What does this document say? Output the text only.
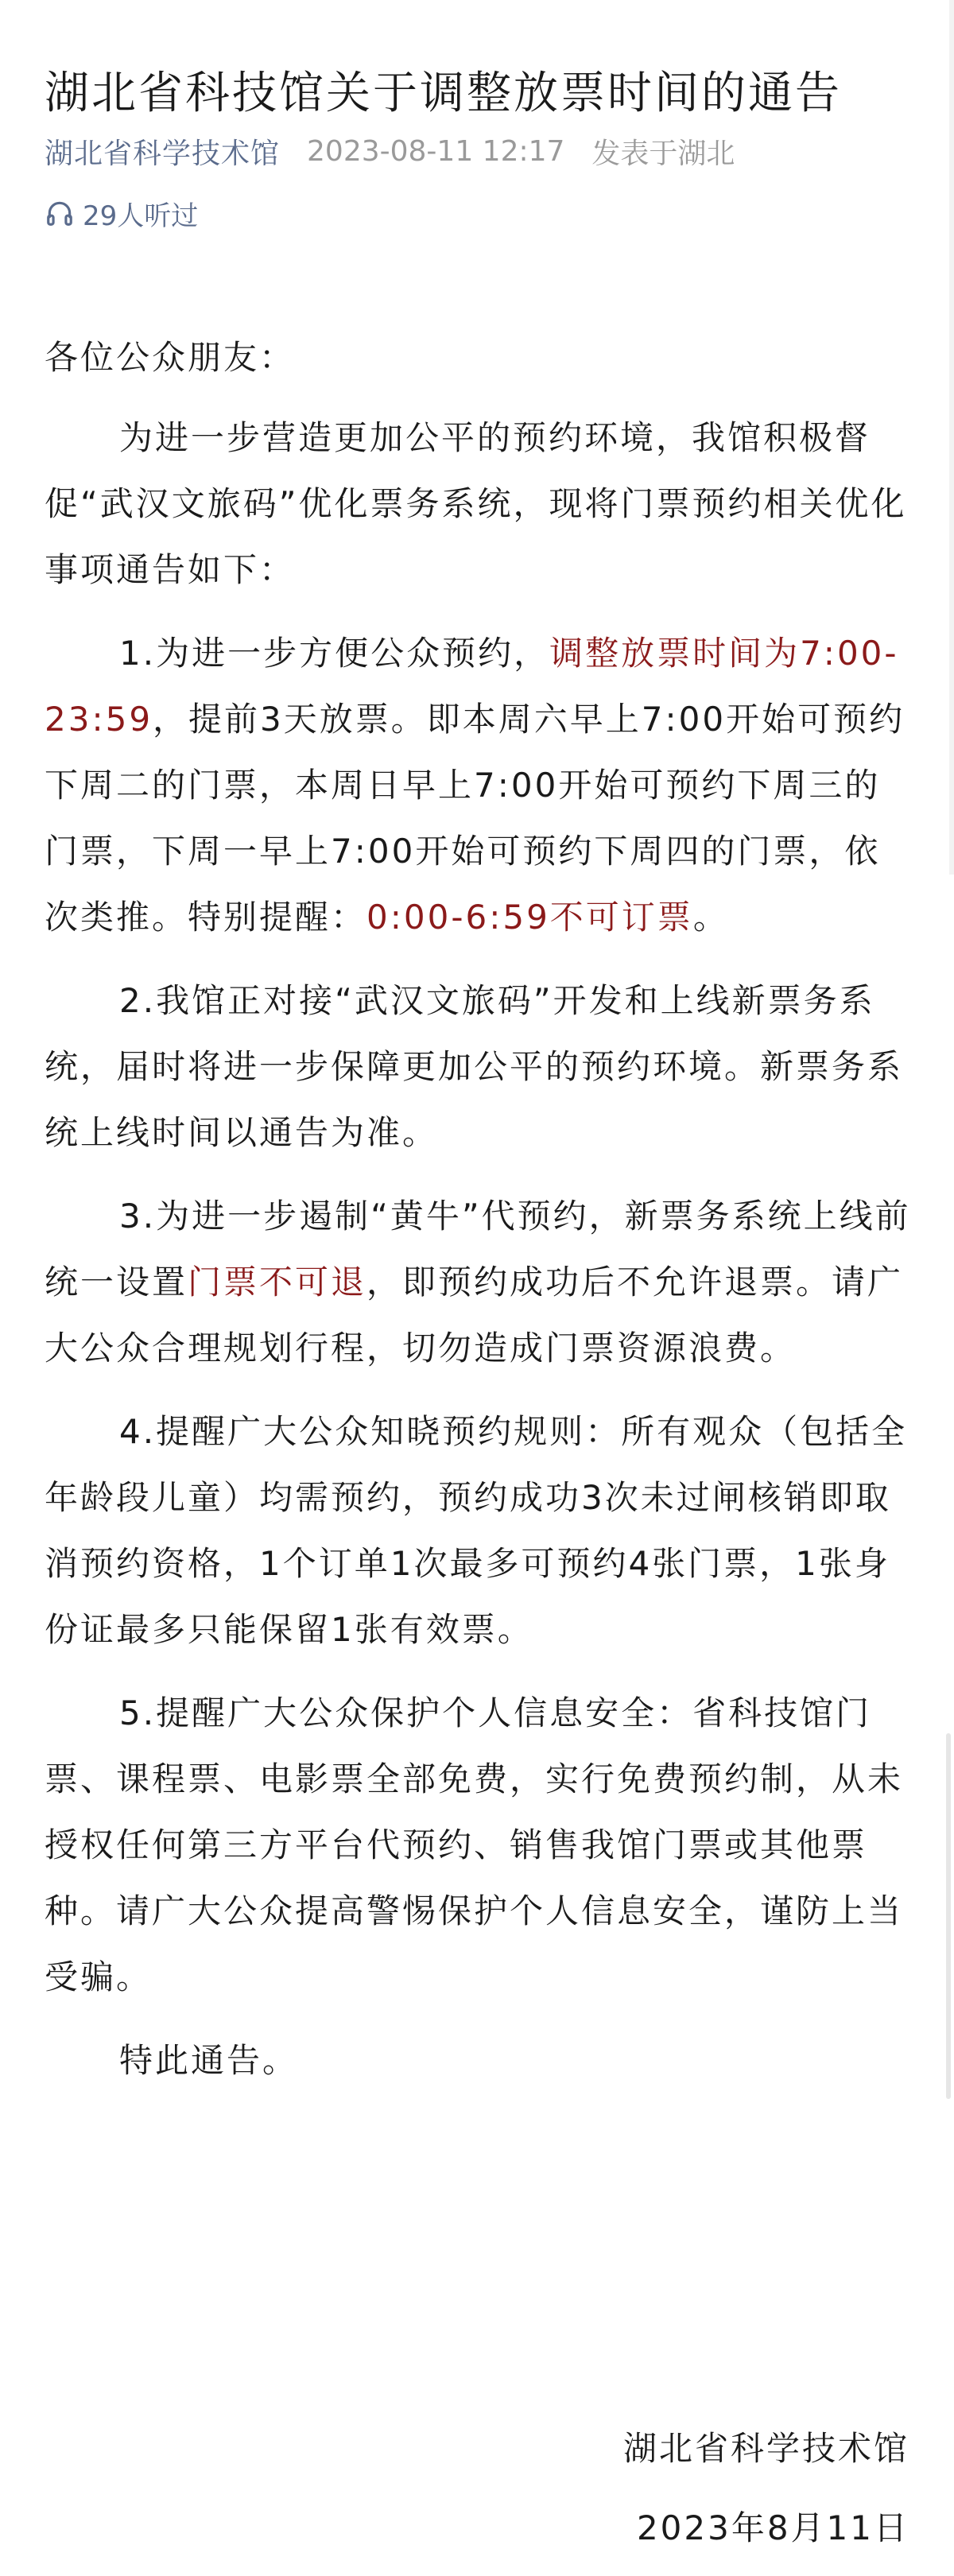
湖北省科技馆关于调整放票时间的通告
湖北省科学技术馆 2023-08-11 12:17 发表于湖北
29人听过

各位公众朋友：

为进一步营造更加公平的预约环境，我馆积极督促“武汉文旅码”优化票务系统，现将门票预约相关优化事项通告如下：

1.为进一步方便公众预约，调整放票时间为7:00-23:59，提前3天放票。即本周六早上7:00开始可预约下周二的门票，本周日早上7:00开始可预约下周三的门票，下周一早上7:00开始可预约下周四的门票，依次类推。特别提醒：0:00-6:59不可订票。

2.我馆正对接“武汉文旅码”开发和上线新票务系统，届时将进一步保障更加公平的预约环境。新票务系统上线时间以通告为准。

3.为进一步遏制“黄牛”代预约，新票务系统上线前统一设置门票不可退，即预约成功后不允许退票。请广大公众合理规划行程，切勿造成门票资源浪费。

4.提醒广大公众知晓预约规则：所有观众（包括全年龄段儿童）均需预约，预约成功3次未过闸核销即取消预约资格，1个订单1次最多可预约4张门票，1张身份证最多只能保留1张有效票。

5.提醒广大公众保护个人信息安全：省科技馆门票、课程票、电影票全部免费，实行免费预约制，从未授权任何第三方平台代预约、销售我馆门票或其他票种。请广大公众提高警惕保护个人信息安全，谨防上当受骗。

特此通告。

湖北省科学技术馆
2023年8月11日
